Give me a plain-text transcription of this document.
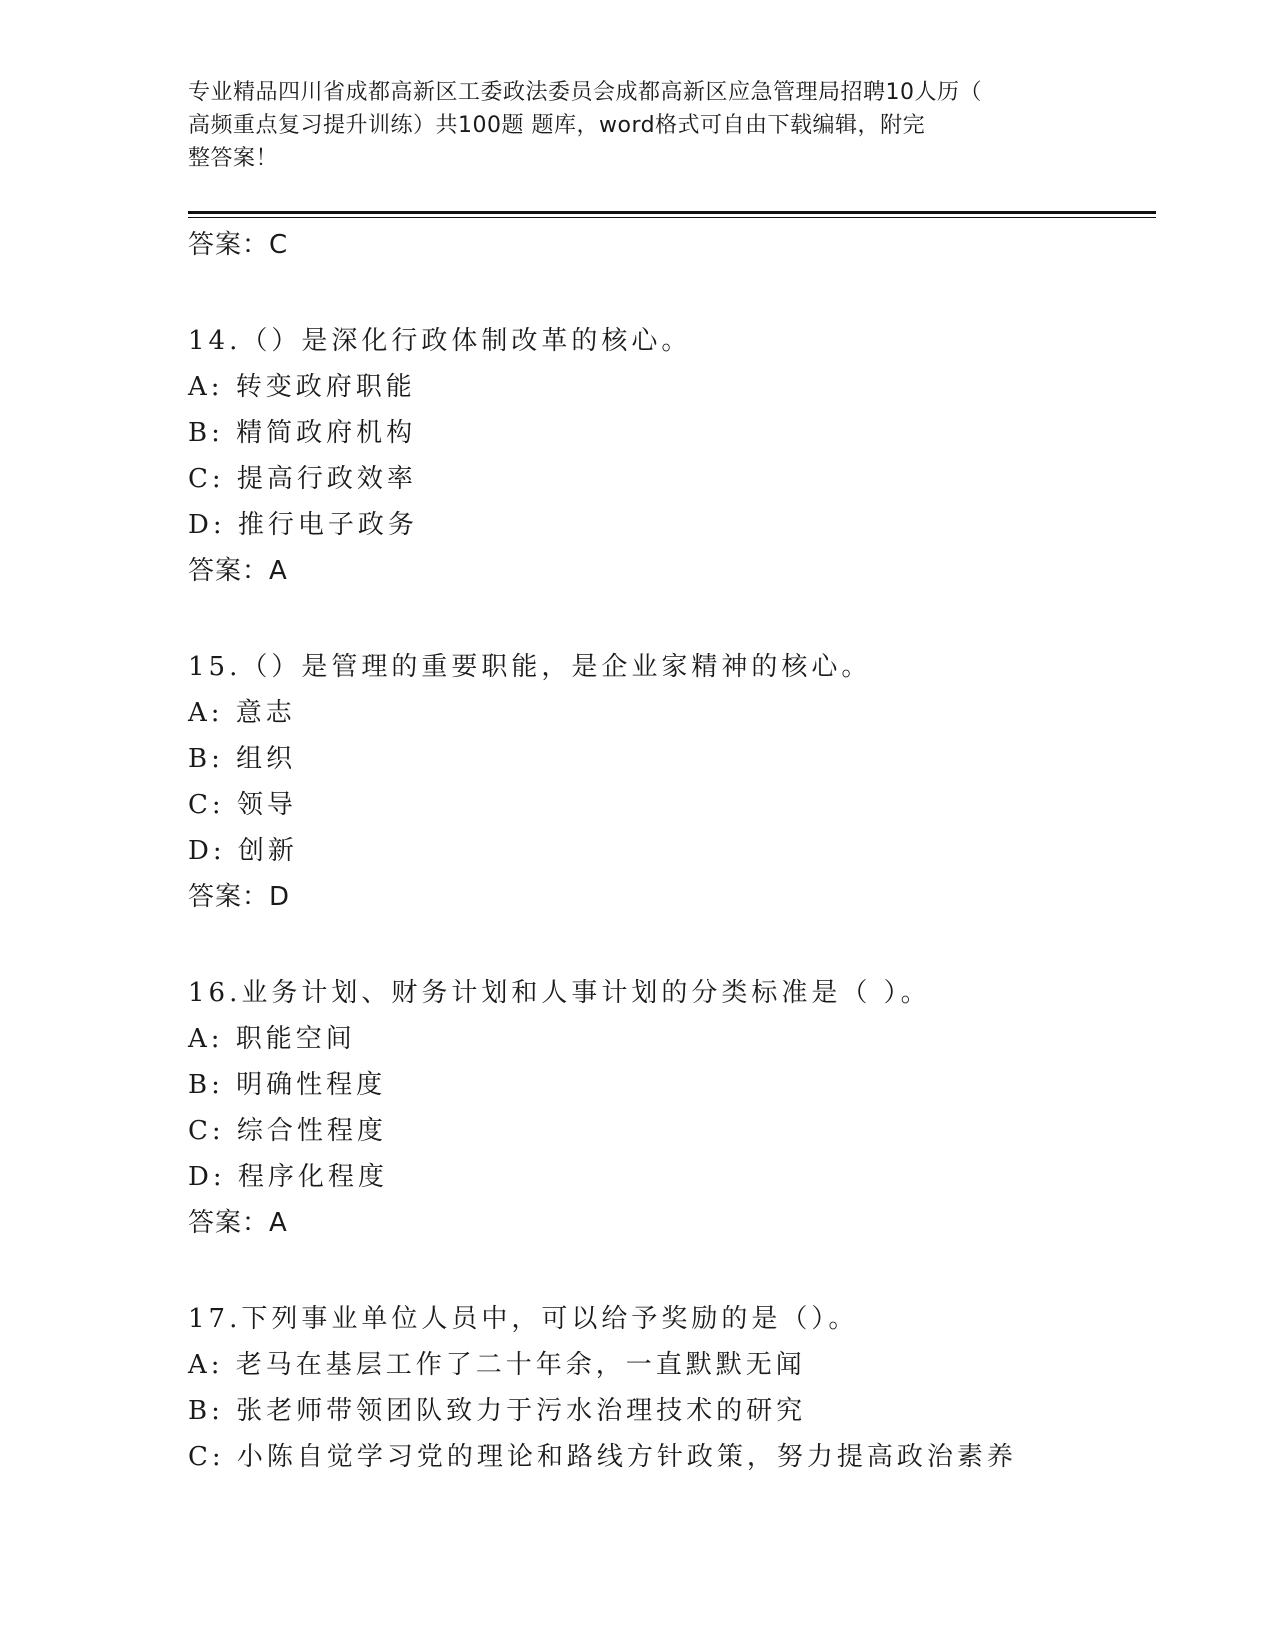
专业精品四川省成都高新区工委政法委员会成都高新区应急管理局招聘10人历（
高频重点复习提升训练）共100题 题库，word格式可自由下载编辑，附完
整答案！
答案：C
14.（）是深化行政体制改革的核心。
A: 转变政府职能
B: 精简政府机构
C: 提高行政效率
D: 推行电子政务
答案：A
15.（）是管理的重要职能，是企业家精神的核心。
A: 意志
B: 组织
C: 领导
D: 创新
答案：D
16.业务计划、财务计划和人事计划的分类标准是（ ）。
A: 职能空间
B: 明确性程度
C: 综合性程度
D: 程序化程度
答案：A
17.下列事业单位人员中，可以给予奖励的是（）。
A: 老马在基层工作了二十年余，一直默默无闻
B: 张老师带领团队致力于污水治理技术的研究
C: 小陈自觉学习党的理论和路线方针政策，努力提高政治素养
